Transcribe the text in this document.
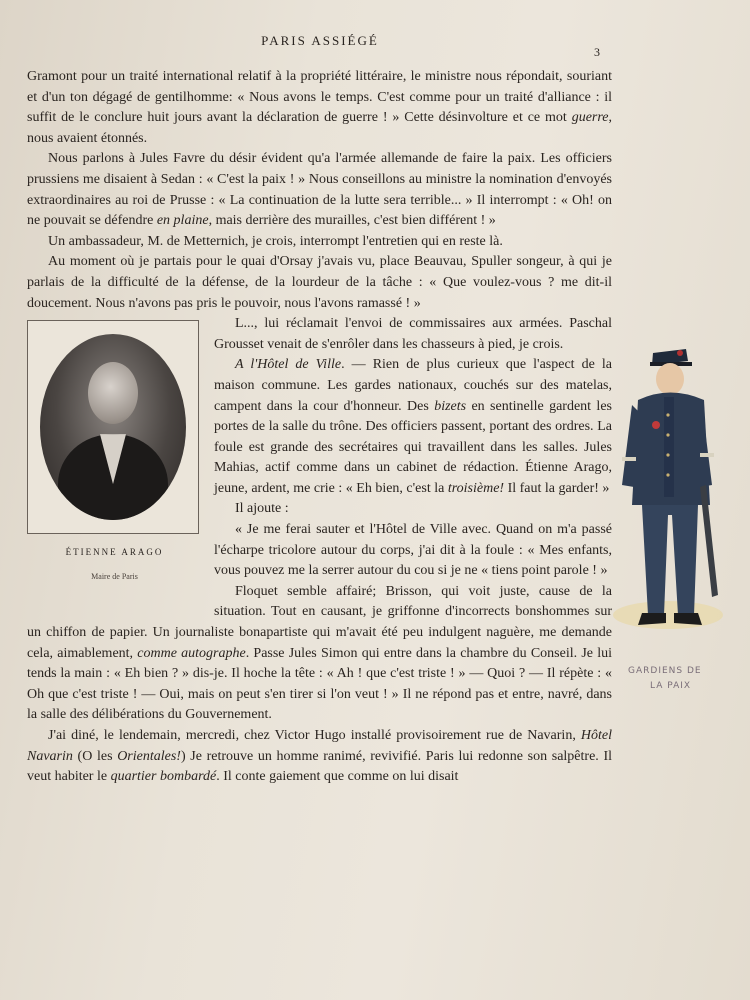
PARIS ASSIÉGÉ
3

Gramont pour un traité international relatif à la propriété littéraire, le ministre nous répondait, souriant et d'un ton dégagé de gentilhomme: « Nous avons le temps. C'est comme pour un traité d'alliance : il suffit de le conclure huit jours avant la déclaration de guerre ! » Cette désinvolture et ce mot guerre, nous avaient étonnés.

Nous parlons à Jules Favre du désir évident qu'a l'armée allemande de faire la paix. Les officiers prussiens me disaient à Sedan : « C'est la paix ! » Nous conseillons au ministre la nomination d'envoyés extraordinaires au roi de Prusse : « La continuation de la lutte sera terrible... » Il interrompt : « Oh! on ne pouvait se défendre en plaine, mais derrière des murailles, c'est bien différent ! »

Un ambassadeur, M. de Metternich, je crois, interrompt l'entretien qui en reste là.

Au moment où je partais pour le quai d'Orsay j'avais vu, place Beauvau, Spuller songeur, à qui je parlais de la difficulté de la défense, de la lourdeur de la tâche : « Que voulez-vous ? me dit-il doucement. Nous n'avons pas pris le pouvoir, nous l'avons ramassé ! »

ÉTIENNE ARAGO
Maire de Paris

L..., lui réclamait l'envoi de commissaires aux armées. Paschal Grousset venait de s'enrôler dans les chasseurs à pied, je crois.

A l'Hôtel de Ville. — Rien de plus curieux que l'aspect de la maison commune. Les gardes nationaux, couchés sur des matelas, campent dans la cour d'honneur. Des bizets en sentinelle gardent les portes de la salle du trône. Des officiers passent, portant des ordres. La foule est grande des secrétaires qui travaillent dans les salles. Jules Mahias, actif comme dans un cabinet de rédaction. Étienne Arago, jeune, ardent, me crie : « Eh bien, c'est la troisième! Il faut la garder! »

Il ajoute :

« Je me ferai sauter et l'Hôtel de Ville avec. Quand on m'a passé l'écharpe tricolore autour du corps, j'ai dit à la foule : « Mes enfants, vous pouvez me la serrer autour du cou si je ne « tiens point parole ! »

Floquet semble affairé; Brisson, qui voit juste, cause de la situation. Tout en causant, je griffonne d'incorrects bonshommes sur un chiffon de papier. Un journaliste bonapartiste qui m'avait été peu indulgent naguère, me demande cela, aimablement, comme autographe. Passe Jules Simon qui entre dans la chambre du Conseil. Je lui tends la main : « Eh bien ? » dis-je. Il hoche la tête : « Ah ! que c'est triste ! » — Quoi ? — Il répète : « Oh que c'est triste ! — Oui, mais on peut s'en tirer si l'on veut ! » Il ne répond pas et entre, navré, dans la salle des délibérations du Gouvernement.

J'ai diné, le lendemain, mercredi, chez Victor Hugo installé provisoirement rue de Navarin, Hôtel Navarin (O les Orientales!) Je retrouve un homme ranimé, revivifié. Paris lui redonne son salpêtre. Il veut habiter le quartier bombardé. Il conte gaiement que comme on lui disait

GARDIENS DE
LA PAIX
